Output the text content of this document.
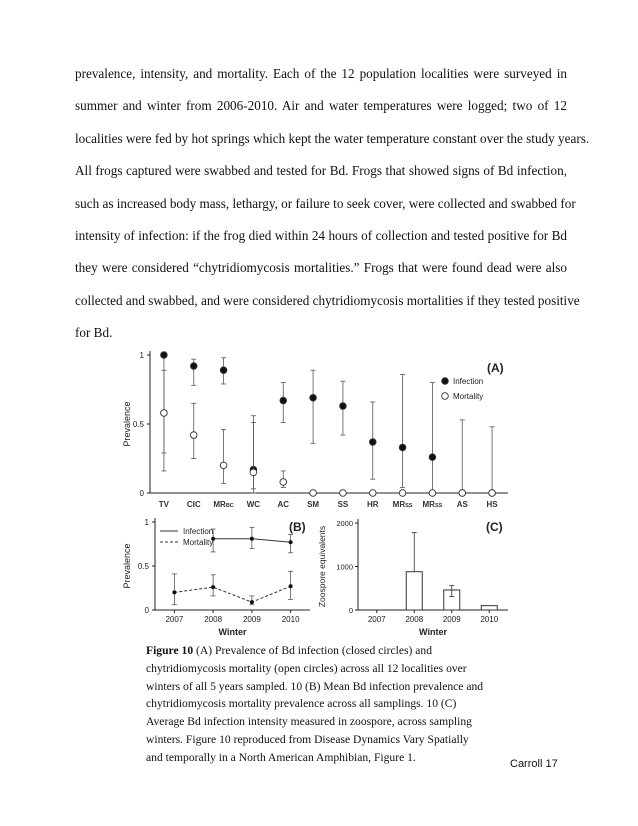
prevalence, intensity, and mortality. Each of the 12 population localities were surveyed in
summer and winter from 2006-2010. Air and water temperatures were logged; two of 12
localities were fed by hot springs which kept the water temperature constant over the study years.
All frogs captured were swabbed and tested for Bd. Frogs that showed signs of Bd infection,
such as increased body mass, lethargy, or failure to seek cover, were collected and swabbed for
intensity of infection: if the frog died within 24 hours of collection and tested positive for Bd
they were considered “chytridiomycosis mortalities.” Frogs that were found dead were also
collected and swabbed, and were considered chytridiomycosis mortalities if they tested positive
for Bd.

0
0.5
1
Prevalence
(A)
TV CIC MRBC WC AC SM SS HR MRSS MRSS AS HS
Infection
Mortality
0
0.5
1
Prevalence
2007	2008	2009	2010
Winter
(B)
Infection
Mortality
0
1000
2000
Zoospore equivalents
2007 2008 2009 2010
Winter
(C)

Figure 10 (A) Prevalence of Bd infection (closed circles) and
chytridiomycosis mortality (open circles) across all 12 localities over
winters of all 5 years sampled. 10 (B) Mean Bd infection prevalence and
chytridiomycosis mortality prevalence across all samplings. 10 (C)
Average Bd infection intensity measured in zoospore, across sampling
winters. Figure 10 reproduced from Disease Dynamics Vary Spatially
and temporally in a North American Amphibian, Figure 1.

Carroll 17
